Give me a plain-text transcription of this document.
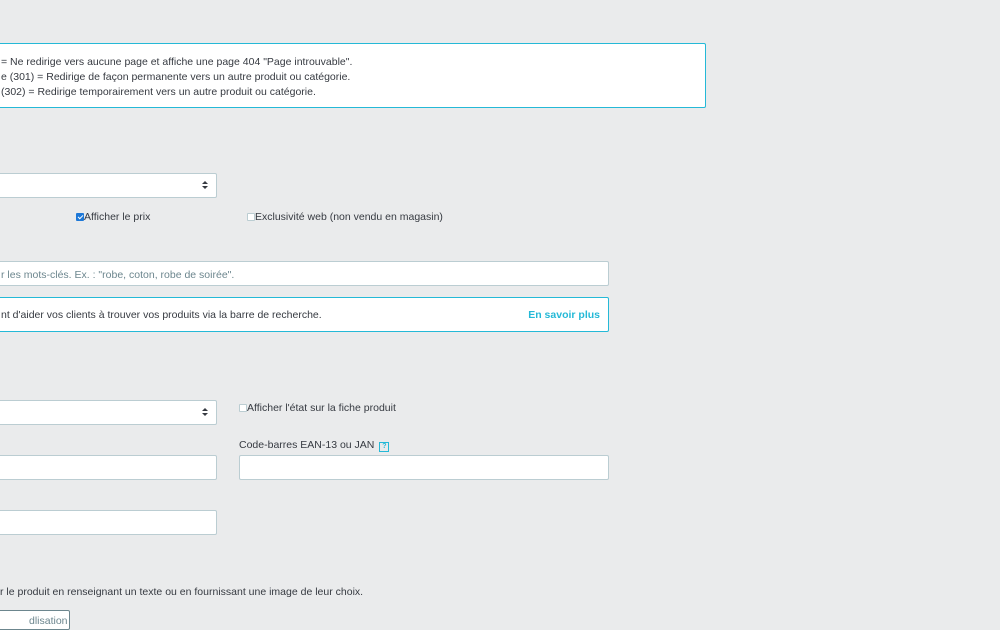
= Ne redirige vers aucune page et affiche une page 404 "Page introuvable".
e (301) = Redirige de façon permanente vers un autre produit ou catégorie.
(302) = Redirige temporairement vers un autre produit ou catégorie.
Afficher le prix	Exclusivité web (non vendu en magasin)
r les mots-clés. Ex. : "robe, coton, robe de soirée".
nt d'aider vos clients à trouver vos produits via la barre de recherche.	En savoir plus
Afficher l'état sur la fiche produit
Code-barres EAN-13 ou JAN ?
r le produit en renseignant un texte ou en fournissant une image de leur choix.
dlisation
